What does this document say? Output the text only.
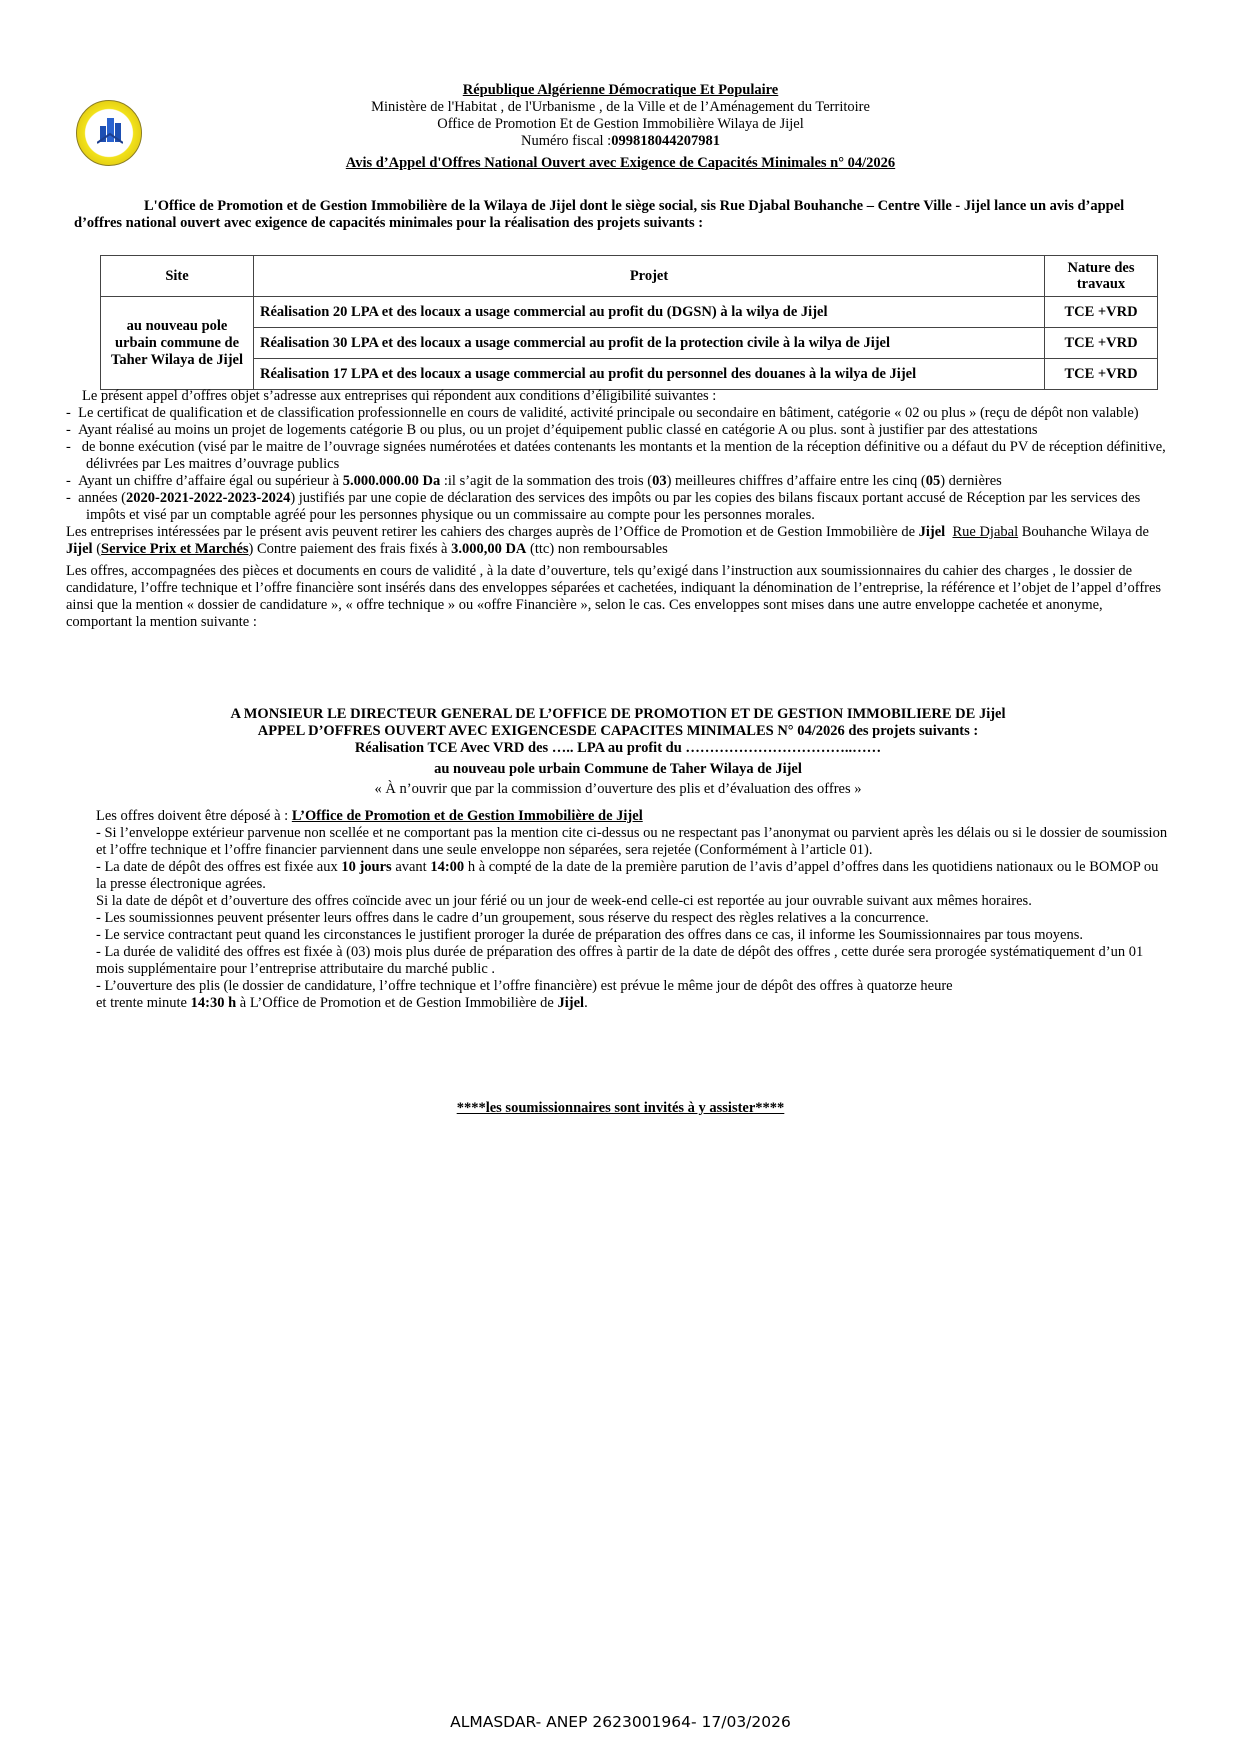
République Algérienne Démocratique Et Populaire
Ministère de l'Habitat , de l'Urbanisme , de la Ville et de l’Aménagement du Territoire
Office de Promotion Et de Gestion Immobilière Wilaya de Jijel
Numéro fiscal :099818044207981
Avis d’Appel d'Offres National Ouvert avec Exigence de Capacités Minimales n° 04/2026
L'Office de Promotion et de Gestion Immobilière de la Wilaya de Jijel dont le siège social, sis Rue Djabal Bouhanche – Centre Ville - Jijel lance un avis d’appel d’offres national ouvert avec exigence de capacités minimales pour la réalisation des projets suivants :
Site	Projet	Nature des travaux
au nouveau pole urbain commune de Taher Wilaya de Jijel	Réalisation 20 LPA et des locaux a usage commercial au profit du (DGSN) à la wilya de Jijel	TCE +VRD
	Réalisation 30 LPA et des locaux a usage commercial au profit de la protection civile à la wilya de Jijel	TCE +VRD
	Réalisation 17 LPA et des locaux a usage commercial au profit du personnel des douanes à la wilya de Jijel	TCE +VRD
Le présent appel d’offres objet s’adresse aux entreprises qui répondent aux conditions d’éligibilité suivantes :
-  Le certificat de qualification et de classification professionnelle en cours de validité, activité principale ou secondaire en bâtiment, catégorie « 02 ou plus » (reçu de dépôt non valable)
-  Ayant réalisé au moins un projet de logements catégorie B ou plus, ou un projet d’équipement public classé en catégorie A ou plus. sont à justifier par des attestations
-   de bonne exécution (visé par le maitre de l’ouvrage signées numérotées et datées contenants les montants et la mention de la réception définitive ou a défaut du PV de réception définitive, délivrées par Les maitres d’ouvrage publics
-  Ayant un chiffre d’affaire égal ou supérieur à 5.000.000.00 Da :il s’agit de la sommation des trois (03) meilleures chiffres d’affaire entre les cinq (05) dernières
-  années (2020-2021-2022-2023-2024) justifiés par une copie de déclaration des services des impôts ou par les copies des bilans fiscaux portant accusé de Réception par les services des impôts et visé par un comptable agréé pour les personnes physique ou un commissaire au compte pour les personnes morales.
Les entreprises intéressées par le présent avis peuvent retirer les cahiers des charges auprès de l’Office de Promotion et de Gestion Immobilière de Jijel Rue Djabal Bouhanche Wilaya de Jijel (Service Prix et Marchés) Contre paiement des frais fixés à 3.000,00 DA (ttc) non remboursables
Les offres, accompagnées des pièces et documents en cours de validité , à la date d’ouverture, tels qu’exigé dans l’instruction aux soumissionnaires du cahier des charges , le dossier de candidature, l’offre technique et l’offre financière sont insérés dans des enveloppes séparées et cachetées, indiquant la dénomination de l’entreprise, la référence et l’objet de l’appel d’offres ainsi que la mention « dossier de candidature », « offre technique » ou «offre Financière », selon le cas. Ces enveloppes sont mises dans une autre enveloppe cachetée et anonyme, comportant la mention suivante :
A MONSIEUR LE DIRECTEUR GENERAL DE L’OFFICE DE PROMOTION ET DE GESTION IMMOBILIERE DE Jijel
APPEL D’OFFRES OUVERT AVEC EXIGENCESDE CAPACITES MINIMALES N° 04/2026 des projets suivants :
Réalisation TCE Avec VRD des ….. LPA au profit du ……………………………..……
au nouveau pole urbain Commune de Taher Wilaya de Jijel
« À n’ouvrir que par la commission d’ouverture des plis et d’évaluation des offres »
Les offres doivent être déposé à : L’Office de Promotion et de Gestion Immobilière de Jijel
- Si l’enveloppe extérieur parvenue non scellée et ne comportant pas la mention cite ci-dessus ou ne respectant pas l’anonymat ou parvient après les délais ou si le dossier de soumission et l’offre technique et l’offre financier parviennent dans une seule enveloppe non séparées, sera rejetée (Conformément à l’article 01).
- La date de dépôt des offres est fixée aux 10 jours avant 14:00 h à compté de la date de la première parution de l’avis d’appel d’offres dans les quotidiens nationaux ou le BOMOP ou la presse électronique agrées.
Si la date de dépôt et d’ouverture des offres coïncide avec un jour férié ou un jour de week-end celle-ci est reportée au jour ouvrable suivant aux mêmes horaires.
- Les soumissionnes peuvent présenter leurs offres dans le cadre d’un groupement, sous réserve du respect des règles relatives a la concurrence.
- Le service contractant peut quand les circonstances le justifient proroger la durée de préparation des offres dans ce cas, il informe les Soumissionnaires par tous moyens.
- La durée de validité des offres est fixée à (03) mois plus durée de préparation des offres à partir de la date de dépôt des offres , cette durée sera prorogée systématiquement d’un 01 mois supplémentaire pour l’entreprise attributaire du marché public .
- L’ouverture des plis (le dossier de candidature, l’offre technique et l’offre financière) est prévue le même jour de dépôt des offres à quatorze heure
et trente minute 14:30 h à L’Office de Promotion et de Gestion Immobilière de Jijel.
****les soumissionnaires sont invités à y assister****
ALMASDAR- ANEP 2623001964- 17/03/2026
